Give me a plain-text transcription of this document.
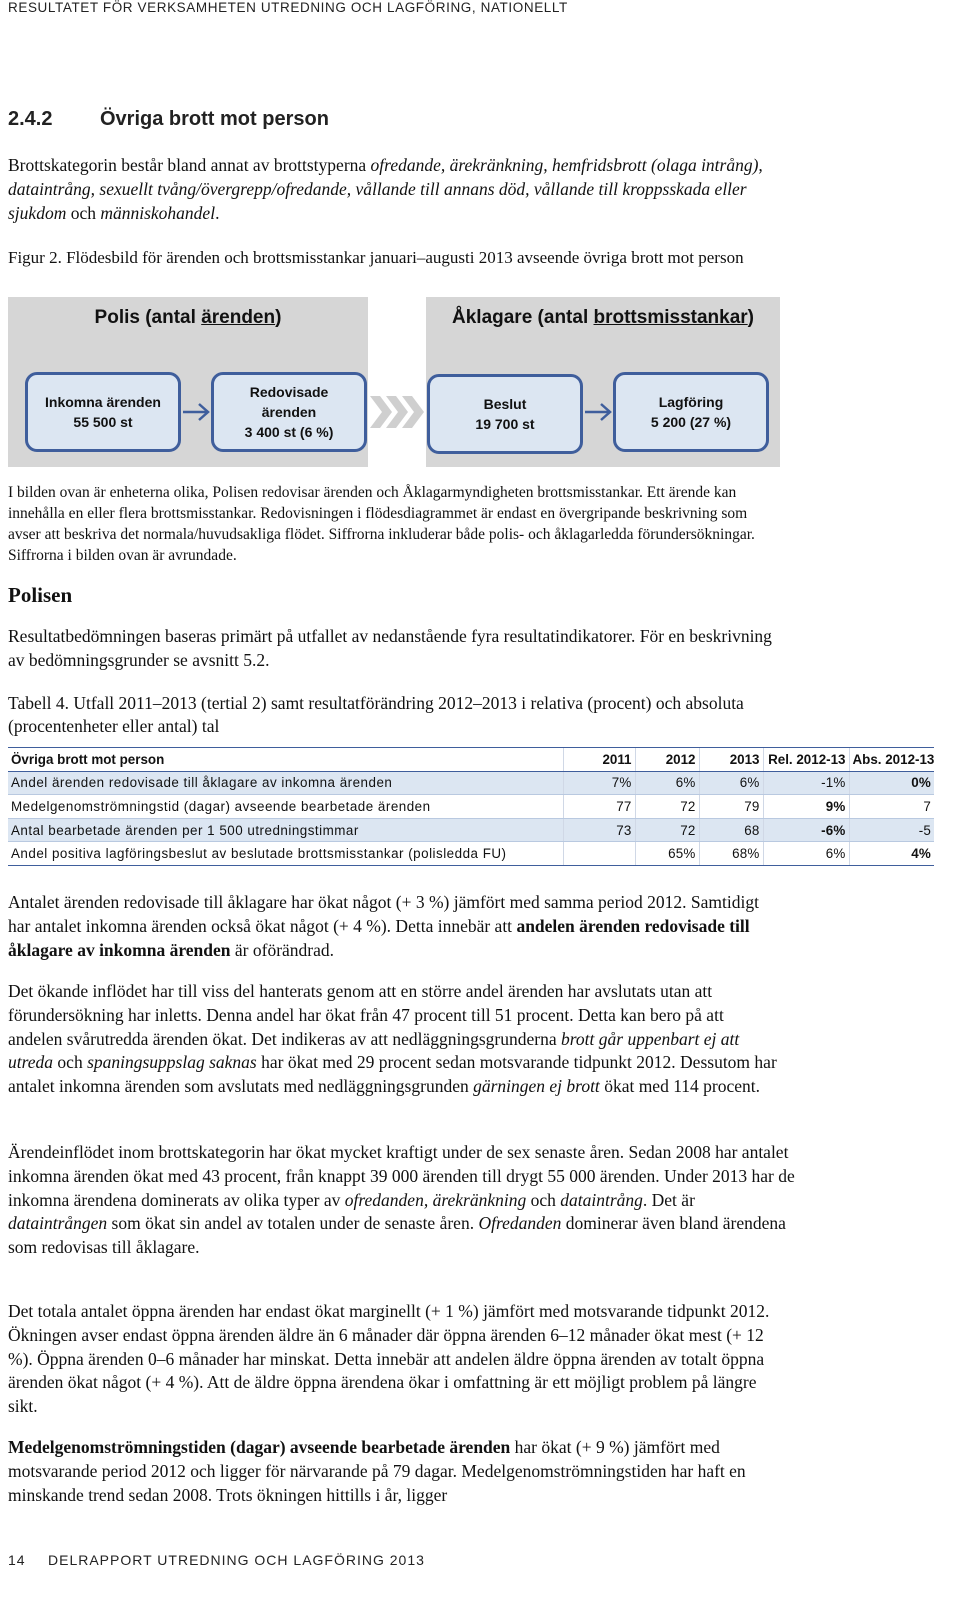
RESULTATET FÖR VERKSAMHETEN UTREDNING OCH LAGFÖRING, NATIONELLT
2.4.2 Övriga brott mot person
Brottskategorin består bland annat av brottstyperna ofredande, ärekränkning, hemfridsbrott (olaga intrång), dataintrång, sexuellt tvång/övergrepp/ofredande, vållande till annans död, vållande till kroppsskada eller sjukdom och människohandel.
Figur 2. Flödesbild för ärenden och brottsmisstankar januari–augusti 2013 avseende övriga brott mot person
Polis (antal ärenden)	Åklagare (antal brottsmisstankar)
Inkomna ärenden
55 500 st
Redovisade
ärenden
3 400 st (6 %)
Beslut
19 700 st
Lagföring
5 200 (27 %)
I bilden ovan är enheterna olika, Polisen redovisar ärenden och Åklagarmyndigheten brottsmisstankar. Ett ärende kan innehålla en eller flera brottsmisstankar. Redovisningen i flödesdiagrammet är endast en övergripande beskrivning som avser att beskriva det normala/huvudsakliga flödet. Siffrorna inkluderar både polis- och åklagarledda förundersökningar. Siffrorna i bilden ovan är avrundade.
Polisen
Resultatbedömningen baseras primärt på utfallet av nedanstående fyra resultatindikatorer. För en beskrivning av bedömningsgrunder se avsnitt 5.2.
Tabell 4. Utfall 2011–2013 (tertial 2) samt resultatförändring 2012–2013 i relativa (procent) och absoluta (procentenheter eller antal) tal
Övriga brott mot person	2011	2012	2013	Rel. 2012-13	Abs. 2012-13
Andel ärenden redovisade till åklagare av inkomna ärenden	7%	6%	6%	-1%	0%
Medelgenomströmningstid (dagar) avseende bearbetade ärenden	77	72	79	9%	7
Antal bearbetade ärenden per 1 500 utredningstimmar	73	72	68	-6%	-5
Andel positiva lagföringsbeslut av beslutade brottsmisstankar (polisledda FU)		65%	68%	6%	4%
Antalet ärenden redovisade till åklagare har ökat något (+ 3 %) jämfört med samma period 2012. Samtidigt har antalet inkomna ärenden också ökat något (+ 4 %). Detta innebär att andelen ärenden redovisade till åklagare av inkomna ärenden är oförändrad.
Det ökande inflödet har till viss del hanterats genom att en större andel ärenden har avslutats utan att förundersökning har inletts. Denna andel har ökat från 47 procent till 51 procent. Detta kan bero på att andelen svårutredda ärenden ökat. Det indikeras av att nedläggningsgrunderna brott går uppenbart ej att utreda och spaningsuppslag saknas har ökat med 29 procent sedan motsvarande tidpunkt 2012. Dessutom har antalet inkomna ärenden som avslutats med nedläggningsgrunden gärningen ej brott ökat med 114 procent.
Ärendeinflödet inom brottskategorin har ökat mycket kraftigt under de sex senaste åren. Sedan 2008 har antalet inkomna ärenden ökat med 43 procent, från knappt 39 000 ärenden till drygt 55 000 ärenden. Under 2013 har de inkomna ärendena dominerats av olika typer av ofredanden, ärekränkning och dataintrång. Det är dataintrången som ökat sin andel av totalen under de senaste åren. Ofredanden dominerar även bland ärendena som redovisas till åklagare.
Det totala antalet öppna ärenden har endast ökat marginellt (+ 1 %) jämfört med motsvarande tidpunkt 2012. Ökningen avser endast öppna ärenden äldre än 6 månader där öppna ärenden 6–12 månader ökat mest (+ 12 %). Öppna ärenden 0–6 månader har minskat. Detta innebär att andelen äldre öppna ärenden av totalt öppna ärenden ökat något (+ 4 %). Att de äldre öppna ärendena ökar i omfattning är ett möjligt problem på längre sikt.
Medelgenomströmningstiden (dagar) avseende bearbetade ärenden har ökat (+ 9 %) jämfört med motsvarande period 2012 och ligger för närvarande på 79 dagar. Medelgenomströmningstiden har haft en minskande trend sedan 2008. Trots ökningen hittills i år, ligger
14 DELRAPPORT UTREDNING OCH LAGFÖRING 2013
